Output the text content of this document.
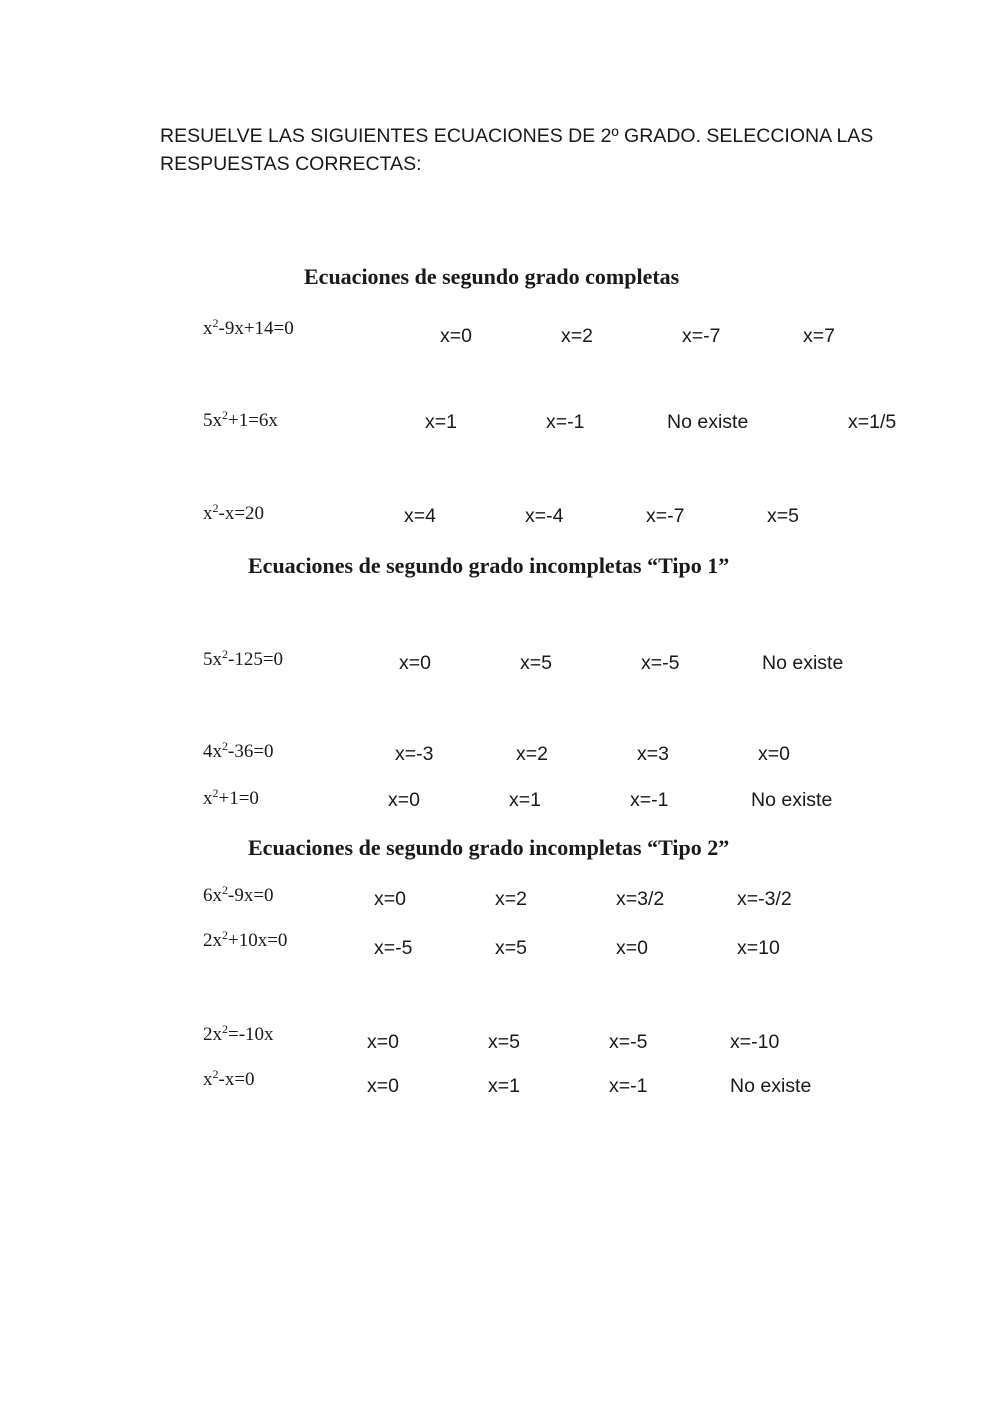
RESUELVE LAS SIGUIENTES ECUACIONES DE 2º GRADO. SELECCIONA LAS RESPUESTAS CORRECTAS:

Ecuaciones de segundo grado completas
$x^2-9x+14=0$	x=0	x=2	x=-7	x=7
$5x^2+1=6x$	x=1	x=-1	No existe	x=1/5
$x^2-x=20$	x=4	x=-4	x=-7	x=5
Ecuaciones de segundo grado incompletas “Tipo 1”
$5x^2-125=0$	x=0	x=5	x=-5	No existe
$4x^2-36=0$	x=-3	x=2	x=3	x=0
$x^2+1=0$	x=0	x=1	x=-1	No existe
Ecuaciones de segundo grado incompletas “Tipo 2”
$6x^2-9x=0$	x=0	x=2	x=3/2	x=-3/2
$2x^2+10x=0$	x=-5	x=5	x=0	x=10
$2x^2=-10x$	x=0	x=5	x=-5	x=-10
$x^2-x=0$	x=0	x=1	x=-1	No existe
